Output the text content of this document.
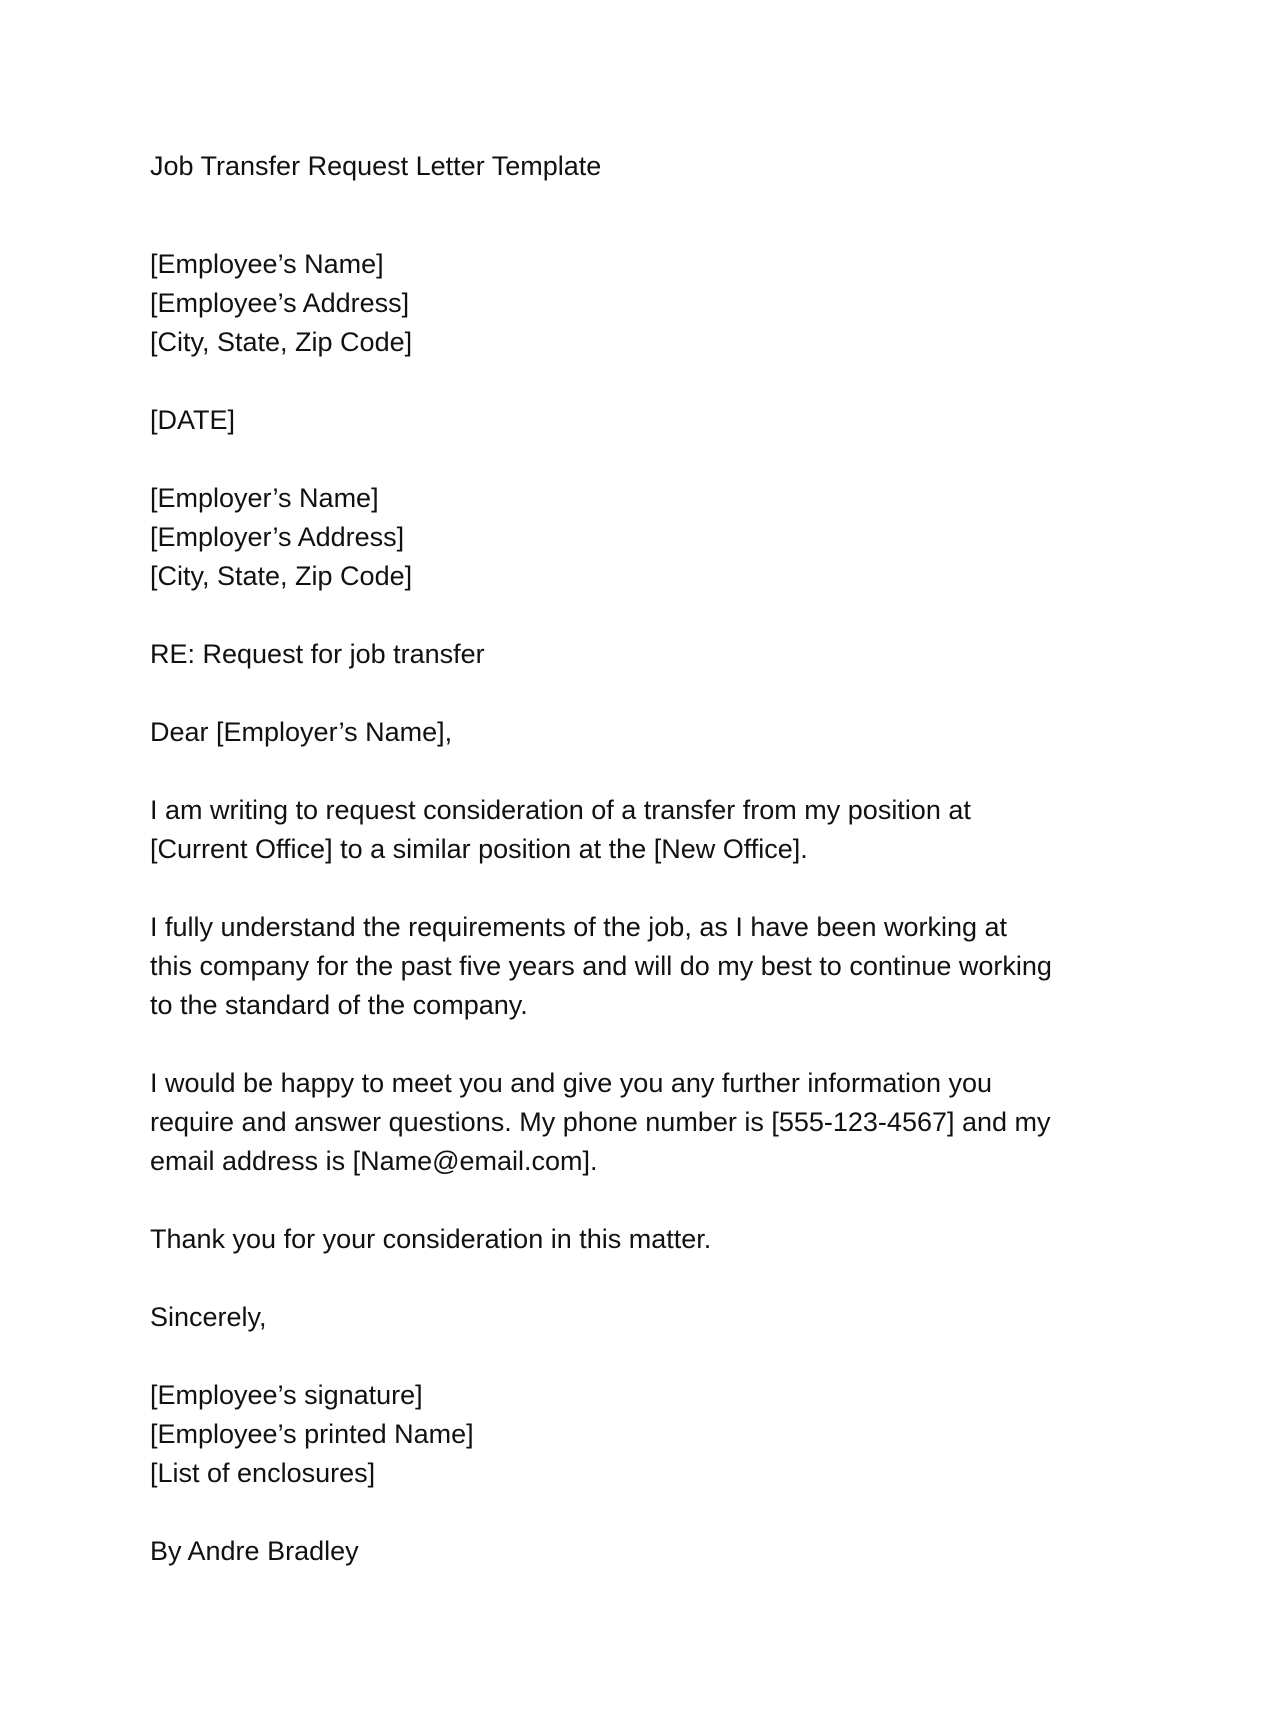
Job Transfer Request Letter Template
[Employee’s Name]
[Employee’s Address]
[City, State, Zip Code]
[DATE]
[Employer’s Name]
[Employer’s Address]
[City, State, Zip Code]
RE: Request for job transfer
Dear [Employer’s Name],
I am writing to request consideration of a transfer from my position at
[Current Office] to a similar position at the [New Office].
I fully understand the requirements of the job, as I have been working at
this company for the past five years and will do my best to continue working
to the standard of the company.
I would be happy to meet you and give you any further information you
require and answer questions. My phone number is [555-123-4567] and my
email address is [Name@email.com].
Thank you for your consideration in this matter.
Sincerely,
[Employee’s signature]
[Employee’s printed Name]
[List of enclosures]
By Andre Bradley
